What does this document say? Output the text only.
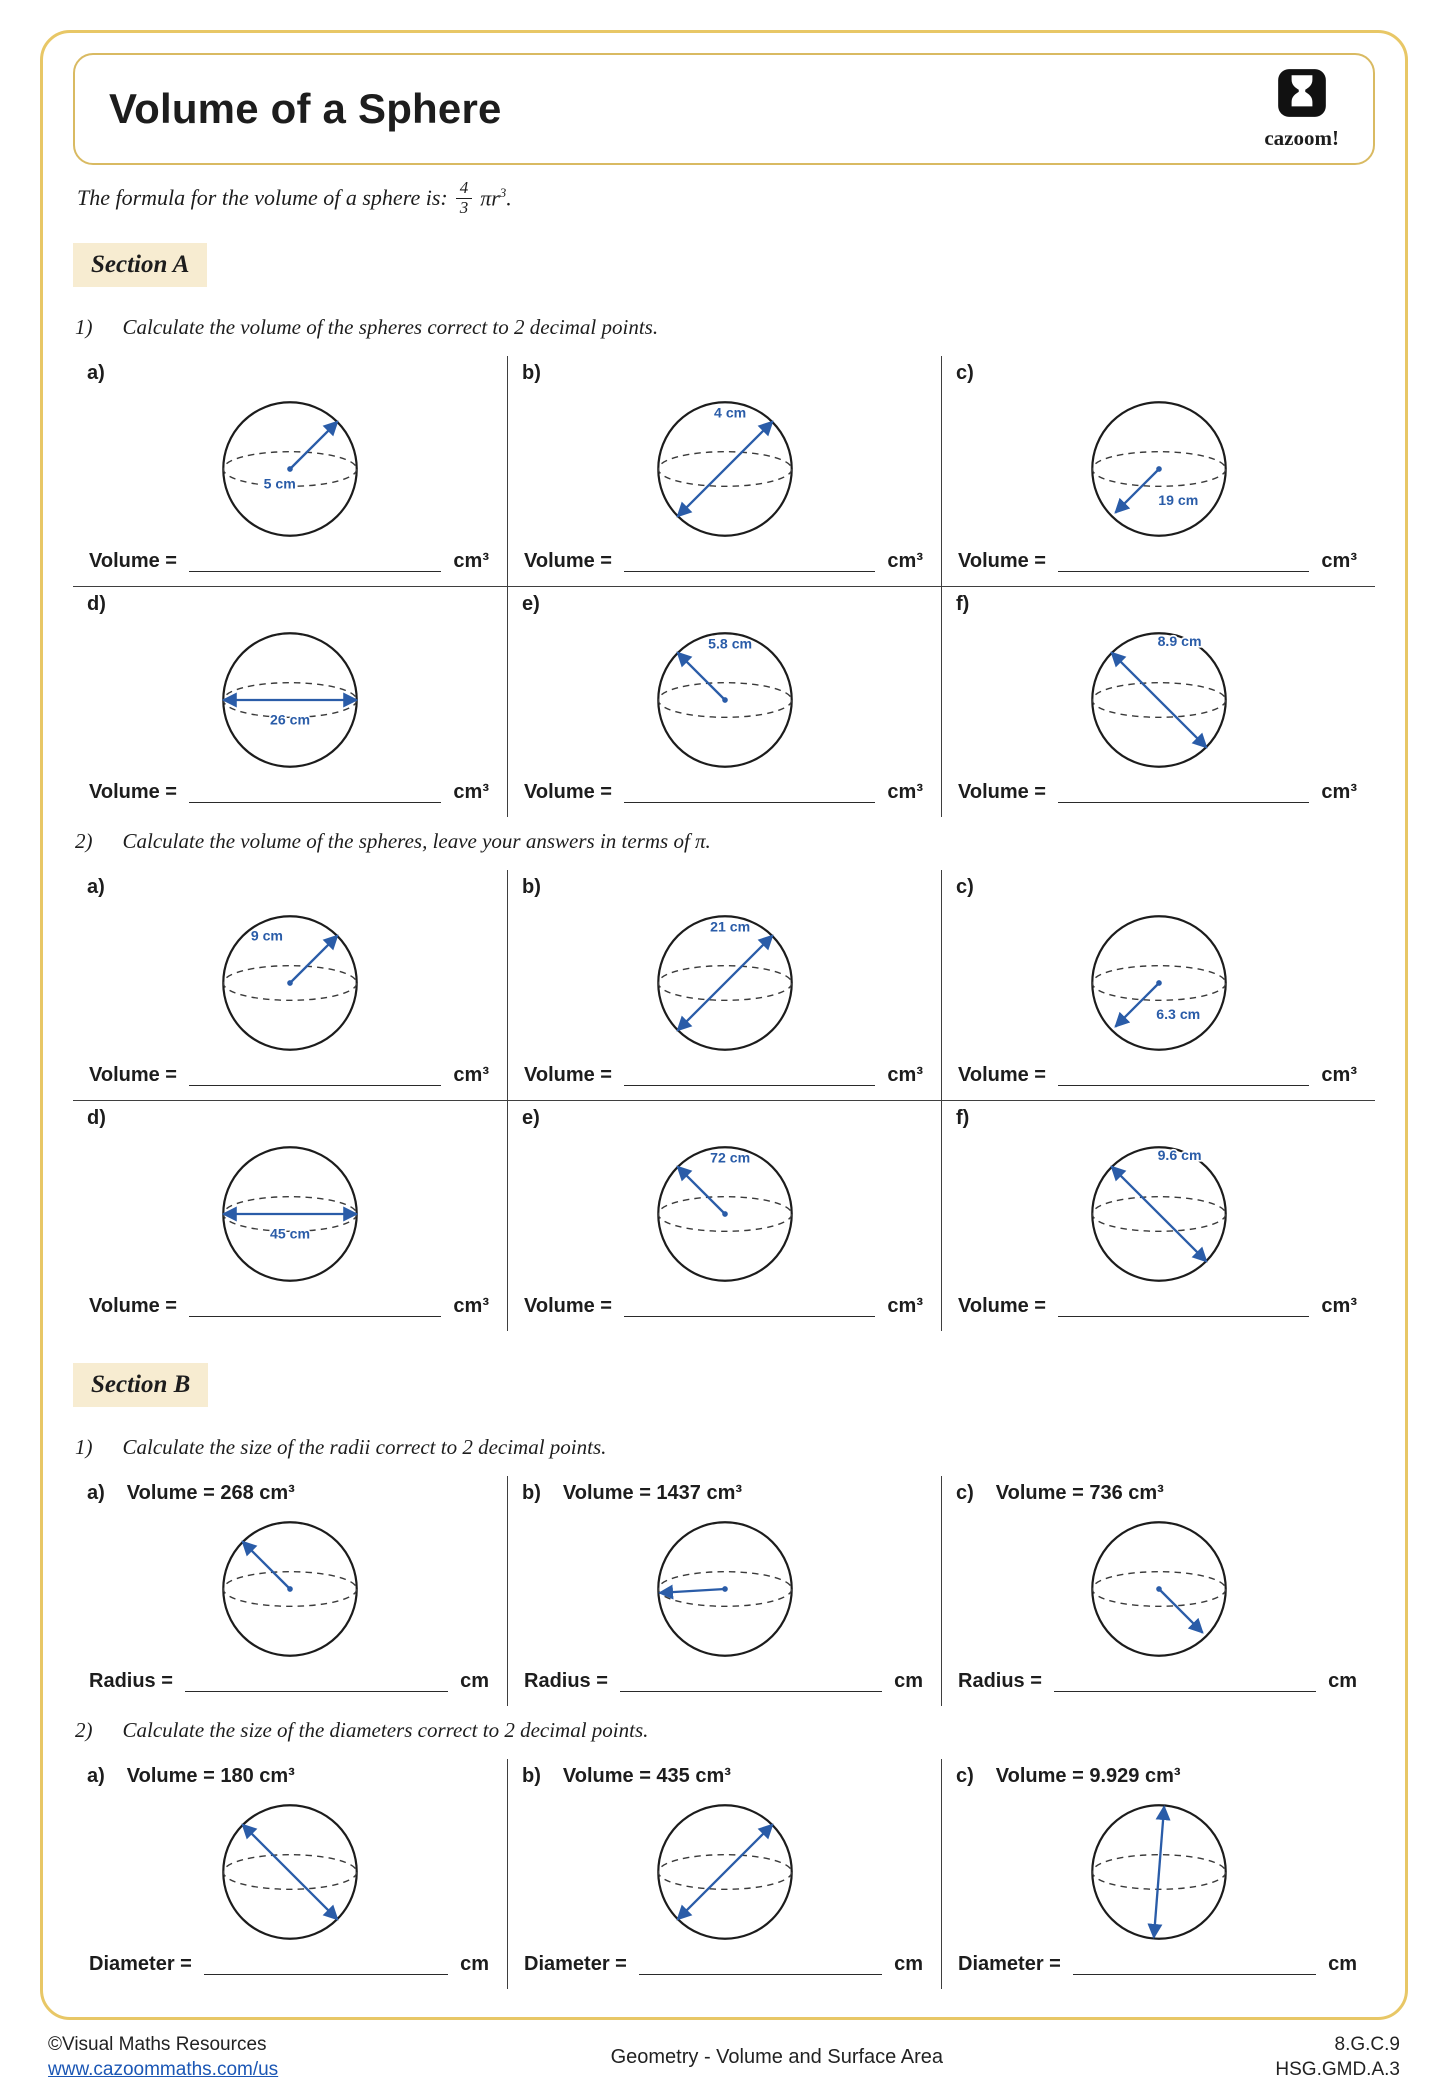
Volume of a Sphere
cazoom!
The formula for the volume of a sphere is: $\frac{4}{3} \pi r^3$.
Section A
1) Calculate the volume of the spheres correct to 2 decimal points.
a)
5 cm
Volume =	cm³
b)
4 cm
Volume =	cm³
c)
19 cm
Volume =	cm³
d)
26 cm
Volume =	cm³
e)
5.8 cm
Volume =	cm³
f)
8.9 cm
Volume =	cm³
2) Calculate the volume of the spheres, leave your answers in terms of π.
a)
9 cm
Volume =	cm³
b)
21 cm
Volume =	cm³
c)
6.3 cm
Volume =	cm³
d)
45 cm
Volume =	cm³
e)
72 cm
Volume =	cm³
f)
9.6 cm
Volume =	cm³
Section B
1) Calculate the size of the radii correct to 2 decimal points.
a) Volume = 268 cm³
Radius =	cm
b) Volume = 1437 cm³
Radius =	cm
c) Volume = 736 cm³
Radius =	cm
2) Calculate the size of the diameters correct to 2 decimal points.
a) Volume = 180 cm³
Diameter =	cm
b) Volume = 435 cm³
Diameter =	cm
c) Volume = 9.929 cm³
Diameter =	cm
©Visual Maths Resources
www.cazoommaths.com/us
Geometry - Volume and Surface Area
8.G.C.9
HSG.GMD.A.3
